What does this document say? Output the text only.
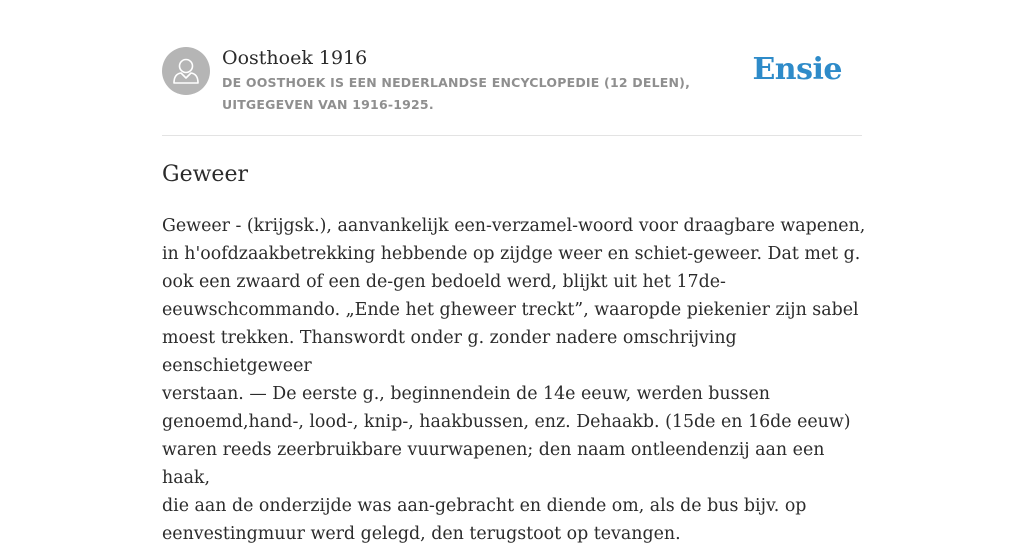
Oosthoek 1916
DE OOSTHOEK IS EEN NEDERLANDSE ENCYCLOPEDIE (12 DELEN), UITGEGEVEN VAN 1916-1925.
Ensie
Geweer
Geweer - (krijgsk.), aanvankelijk een-verzamel-woord voor draagbare wapenen,
in h'oofdzaakbetrekking hebbende op zijdge weer en schiet-geweer. Dat met g.
ook een zwaard of een de-gen bedoeld werd, blijkt uit het 17de-
eeuwschcommando. „Ende het gheweer treckt”, waaropde piekenier zijn sabel
moest trekken. Thanswordt onder g. zonder nadere omschrijving eenschietgeweer
verstaan. — De eerste g., beginnendein de 14e eeuw, werden bussen
genoemd,hand-, lood-, knip-, haakbussen, enz. Dehaakb. (15de en 16de eeuw)
waren reeds zeerbruikbare vuurwapenen; den naam ontleendenzij aan een haak,
die aan de onderzijde was aan-gebracht en diende om, als de bus bijv. op
eenvestingmuur werd gelegd, den terugstoot op tevangen.
